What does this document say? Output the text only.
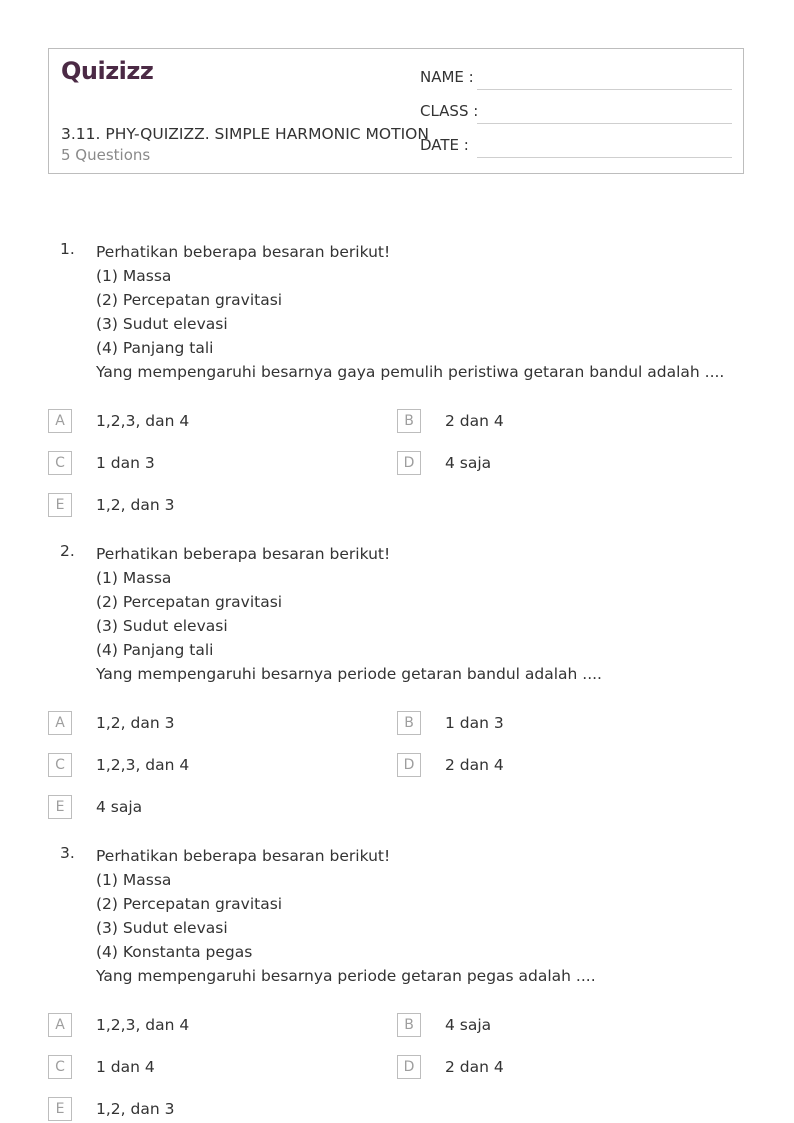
Quizizz
3.11. PHY-QUIZIZZ. SIMPLE HARMONIC MOTION
5 Questions
NAME :
CLASS :
DATE :
1. Perhatikan beberapa besaran berikut!
(1) Massa
(2) Percepatan gravitasi
(3) Sudut elevasi
(4) Panjang tali
Yang mempengaruhi besarnya gaya pemulih peristiwa getaran bandul adalah ....
A	1,2,3, dan 4	B	2 dan 4
C	1 dan 3	D	4 saja
E	1,2, dan 3
2. Perhatikan beberapa besaran berikut!
(1) Massa
(2) Percepatan gravitasi
(3) Sudut elevasi
(4) Panjang tali
Yang mempengaruhi besarnya periode getaran bandul adalah ....
A	1,2, dan 3	B	1 dan 3
C	1,2,3, dan 4	D	2 dan 4
E	4 saja
3. Perhatikan beberapa besaran berikut!
(1) Massa
(2) Percepatan gravitasi
(3) Sudut elevasi
(4) Konstanta pegas
Yang mempengaruhi besarnya periode getaran pegas adalah ....
A	1,2,3, dan 4	B	4 saja
C	1 dan 4	D	2 dan 4
E	1,2, dan 3
